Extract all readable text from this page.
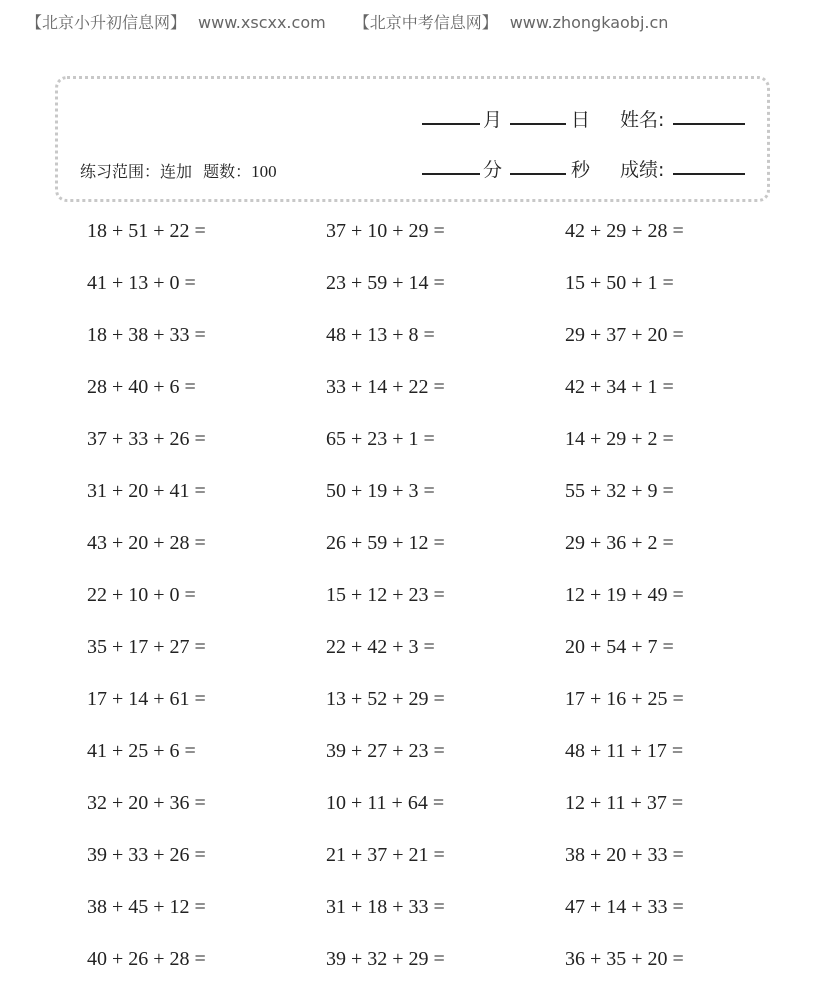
【北京小升初信息网】 www.xscxx.com 【北京中考信息网】 www.zhongkaobj.cn
月	日 姓名:
练习范围：连加 题数：100	分	秒 成绩:
18 + 51 + 22 =	37 + 10 + 29 =	42 + 29 + 28 =
41 + 13 + 0 =	23 + 59 + 14 =	15 + 50 + 1 =
18 + 38 + 33 =	48 + 13 + 8 =	29 + 37 + 20 =
28 + 40 + 6 =	33 + 14 + 22 =	42 + 34 + 1 =
37 + 33 + 26 =	65 + 23 + 1 =	14 + 29 + 2 =
31 + 20 + 41 =	50 + 19 + 3 =	55 + 32 + 9 =
43 + 20 + 28 =	26 + 59 + 12 =	29 + 36 + 2 =
22 + 10 + 0 =	15 + 12 + 23 =	12 + 19 + 49 =
35 + 17 + 27 =	22 + 42 + 3 =	20 + 54 + 7 =
17 + 14 + 61 =	13 + 52 + 29 =	17 + 16 + 25 =
41 + 25 + 6 =	39 + 27 + 23 =	48 + 11 + 17 =
32 + 20 + 36 =	10 + 11 + 64 =	12 + 11 + 37 =
39 + 33 + 26 =	21 + 37 + 21 =	38 + 20 + 33 =
38 + 45 + 12 =	31 + 18 + 33 =	47 + 14 + 33 =
40 + 26 + 28 =	39 + 32 + 29 =	36 + 35 + 20 =
